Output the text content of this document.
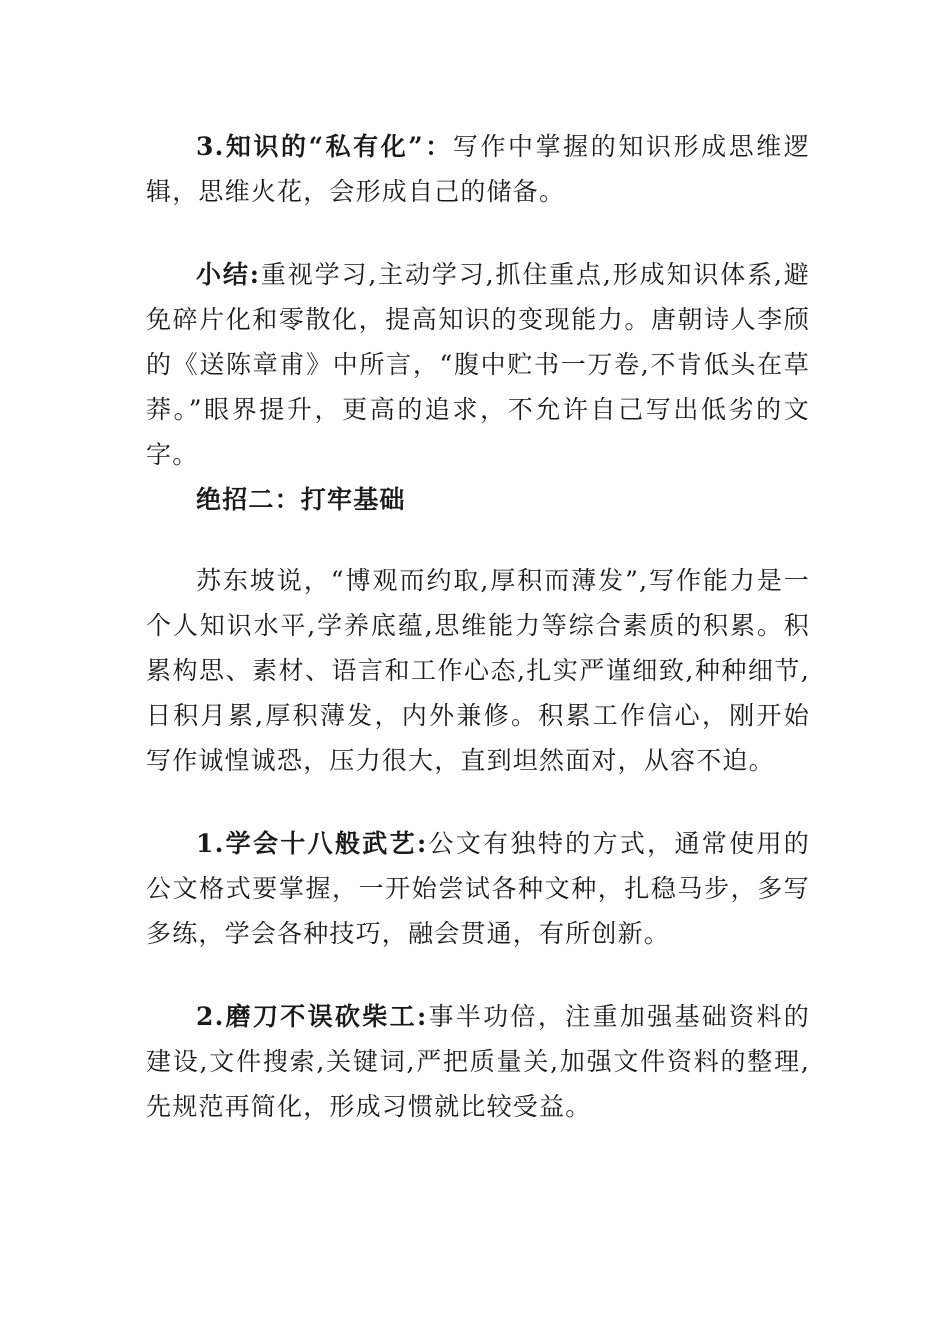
3.知识的“私有化”：写作中掌握的知识形成思维逻辑，思维火花，会形成自己的储备。

小结:重视学习,主动学习,抓住重点,形成知识体系,避免碎片化和零散化，提高知识的变现能力。唐朝诗人李颀的《送陈章甫》中所言，“腹中贮书一万卷,不肯低头在草莽。”眼界提升，更高的追求，不允许自己写出低劣的文字。

绝招二：打牢基础

苏东坡说，“博观而约取,厚积而薄发”,写作能力是一个人知识水平,学养底蕴,思维能力等综合素质的积累。积累构思、素材、语言和工作心态,扎实严谨细致,种种细节,日积月累,厚积薄发，内外兼修。积累工作信心，刚开始写作诚惶诚恐，压力很大，直到坦然面对，从容不迫。

1.学会十八般武艺:公文有独特的方式，通常使用的公文格式要掌握，一开始尝试各种文种，扎稳马步，多写多练，学会各种技巧，融会贯通，有所创新。

2.磨刀不误砍柴工:事半功倍，注重加强基础资料的建设,文件搜索,关键词,严把质量关,加强文件资料的整理,先规范再简化，形成习惯就比较受益。
